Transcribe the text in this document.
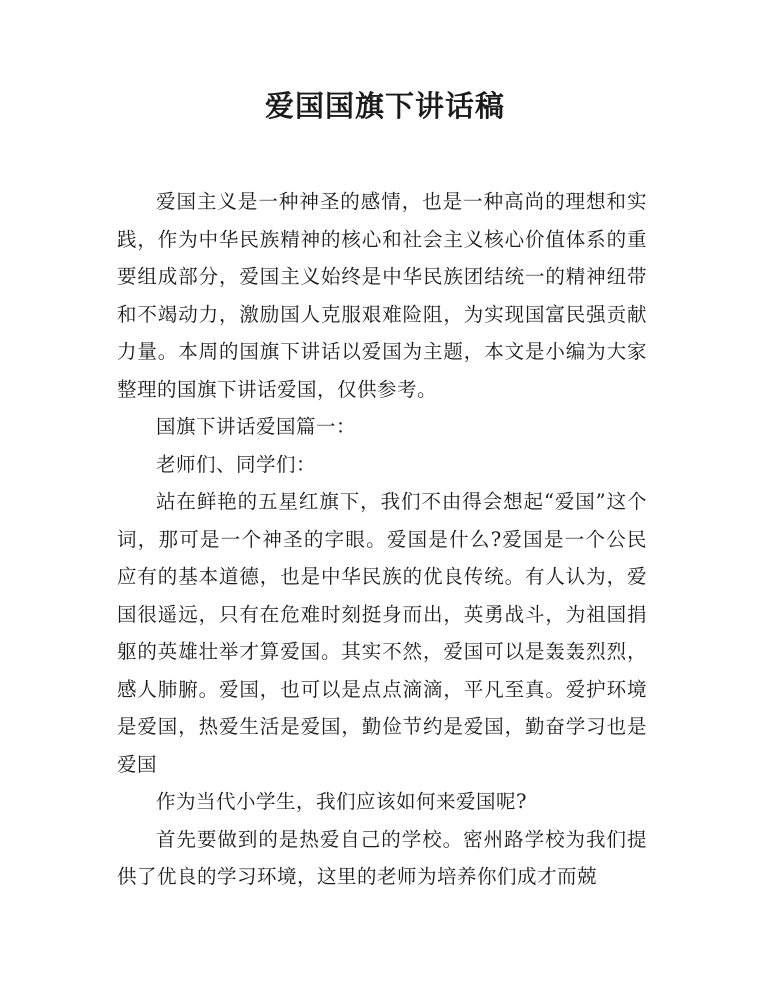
爱国国旗下讲话稿

爱国主义是一种神圣的感情，也是一种高尚的理想和实践，作为中华民族精神的核心和社会主义核心价值体系的重要组成部分，爱国主义始终是中华民族团结统一的精神纽带和不竭动力，激励国人克服艰难险阻，为实现国富民强贡献力量。本周的国旗下讲话以爱国为主题，本文是小编为大家整理的国旗下讲话爱国，仅供参考。

国旗下讲话爱国篇一：

老师们、同学们：

站在鲜艳的五星红旗下，我们不由得会想起“爱国”这个词，那可是一个神圣的字眼。爱国是什么?爱国是一个公民应有的基本道德，也是中华民族的优良传统。有人认为，爱国很遥远，只有在危难时刻挺身而出，英勇战斗，为祖国捐躯的英雄壮举才算爱国。其实不然，爱国可以是轰轰烈烈，感人肺腑。爱国，也可以是点点滴滴，平凡至真。爱护环境是爱国，热爱生活是爱国，勤俭节约是爱国，勤奋学习也是爱国

作为当代小学生，我们应该如何来爱国呢?

首先要做到的是热爱自己的学校。密州路学校为我们提供了优良的学习环境，这里的老师为培养你们成才而兢
